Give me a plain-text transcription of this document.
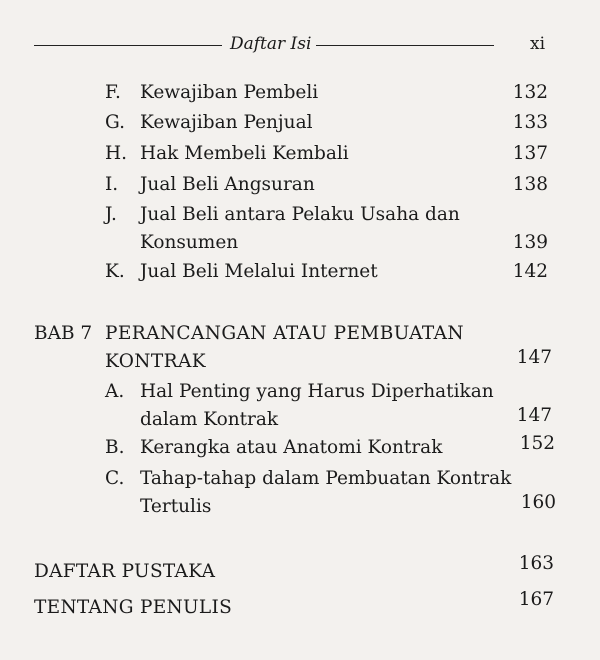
Daftar Isi	xi
F. Kewajiban Pembeli	132
G. Kewajiban Penjual	133
H. Hak Membeli Kembali	137
I. Jual Beli Angsuran	138
J. Jual Beli antara Pelaku Usaha dan
Konsumen	139
K. Jual Beli Melalui Internet	142
BAB 7 PERANCANGAN ATAU PEMBUATAN
KONTRAK	147
A. Hal Penting yang Harus Diperhatikan
dalam Kontrak	147
B. Kerangka atau Anatomi Kontrak	152
C. Tahap-tahap dalam Pembuatan Kontrak
Tertulis	160
DAFTAR PUSTAKA	163
TENTANG PENULIS	167
